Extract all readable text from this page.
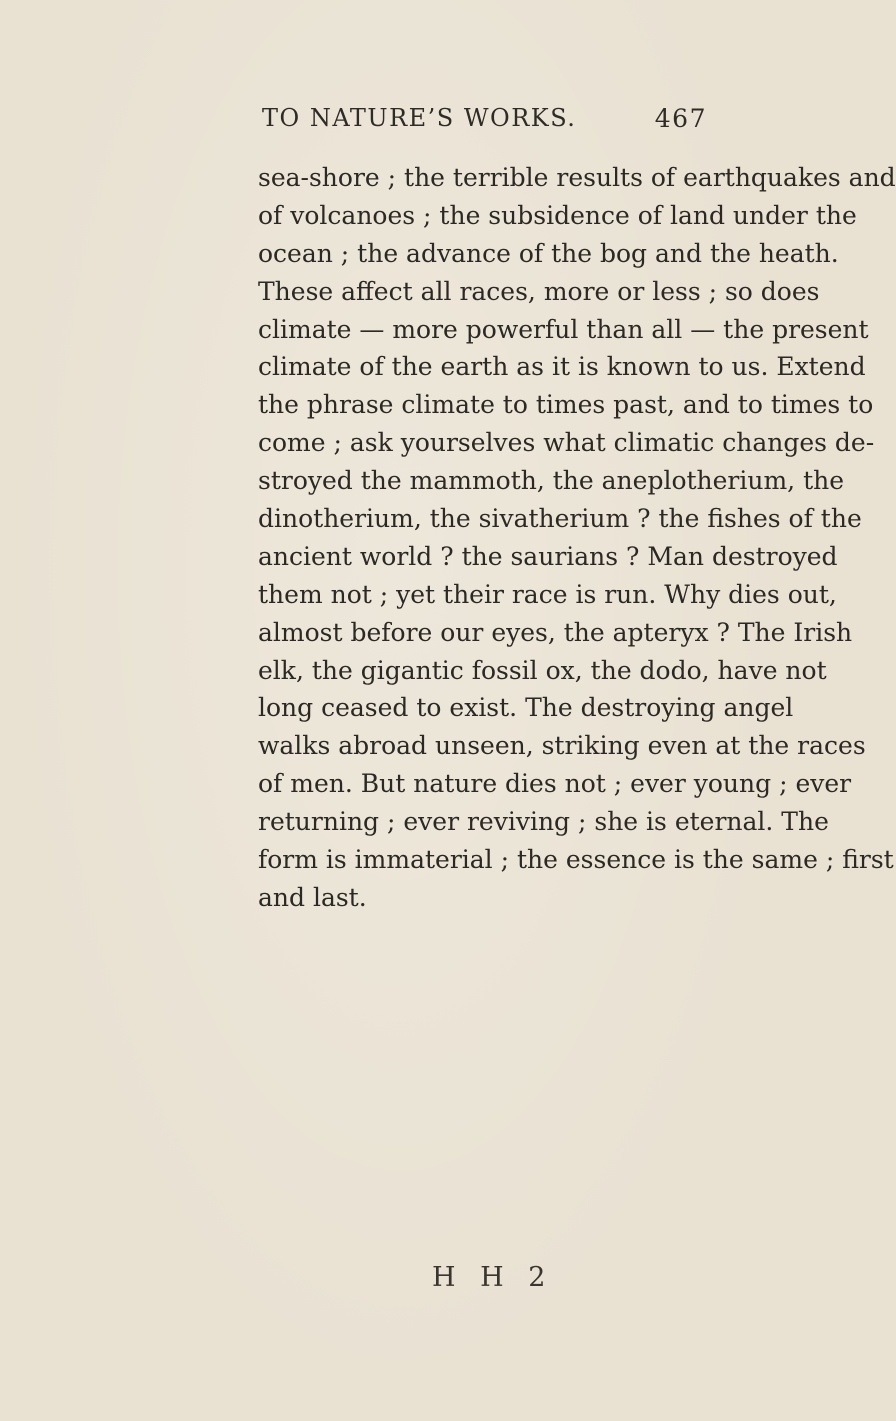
TO NATURE’S WORKS.	467
sea-shore ; the terrible results of earthquakes and
of volcanoes ; the subsidence of land under the
ocean ; the advance of the bog and the heath.
These affect all races, more or less ; so does
climate — more powerful than all — the present
climate of the earth as it is known to us. Extend
the phrase climate to times past, and to times to
come ; ask yourselves what climatic changes de-
stroyed the mammoth, the aneplotherium, the
dinotherium, the sivatherium ? the fishes of the
ancient world ? the saurians ? Man destroyed
them not ; yet their race is run. Why dies out,
almost before our eyes, the apteryx ? The Irish
elk, the gigantic fossil ox, the dodo, have not
long ceased to exist. The destroying angel
walks abroad unseen, striking even at the races
of men. But nature dies not ; ever young ; ever
returning ; ever reviving ; she is eternal. The
form is immaterial ; the essence is the same ; first
and last.
H H 2
